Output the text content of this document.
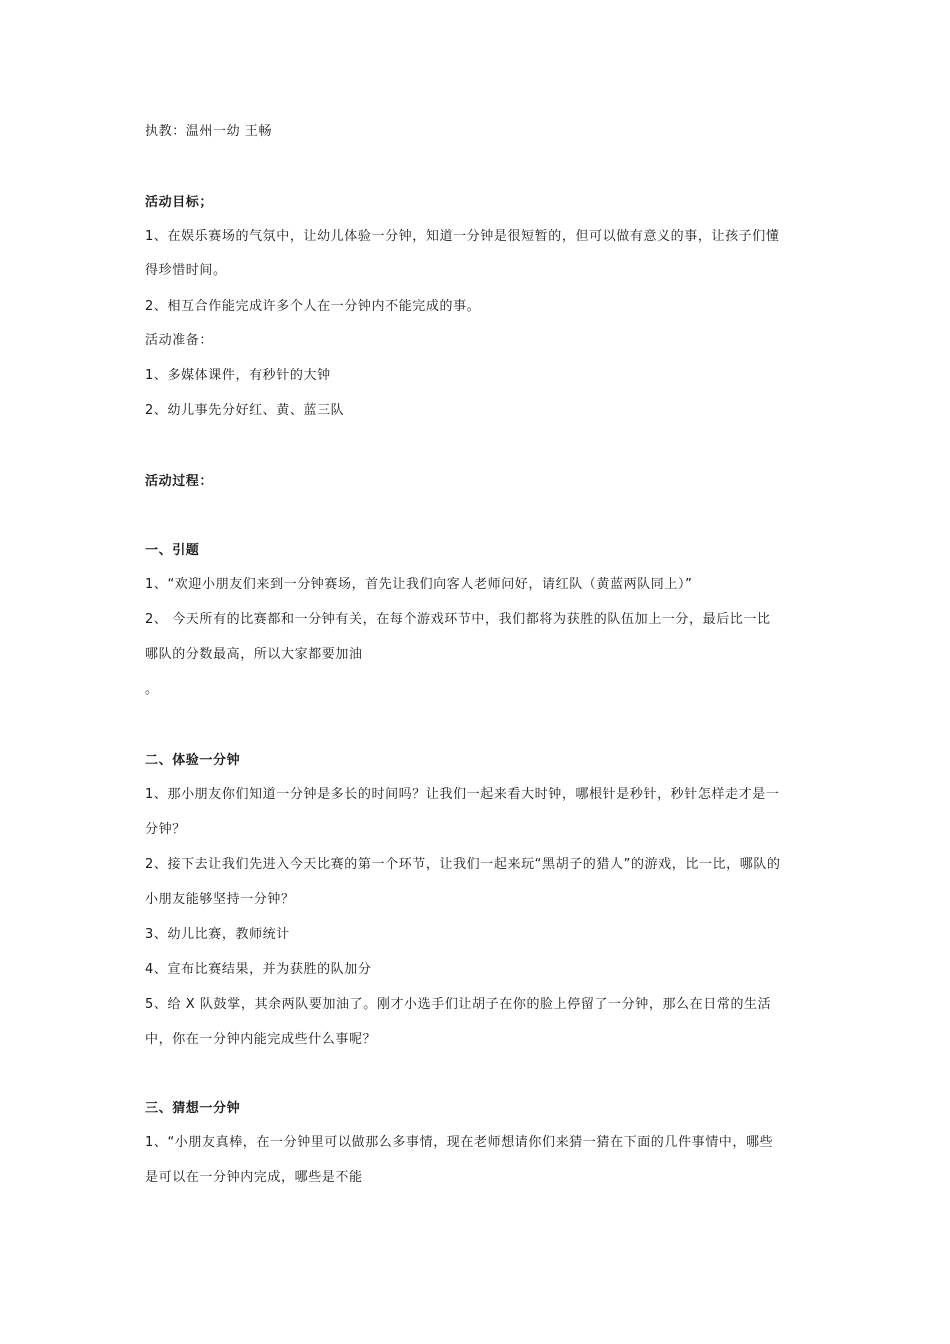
执教：温州一幼 王畅
活动目标；
1、在娱乐赛场的气氛中，让幼儿体验一分钟，知道一分钟是很短暂的，但可以做有意义的事，让孩子们懂
得珍惜时间。
2、相互合作能完成许多个人在一分钟内不能完成的事。
活动准备：
1、多媒体课件，有秒针的大钟
2、幼儿事先分好红、黄、蓝三队
活动过程：
一、引题
1、“欢迎小朋友们来到一分钟赛场，首先让我们向客人老师问好，请红队（黄蓝两队同上）”
2、 今天所有的比赛都和一分钟有关，在每个游戏环节中，我们都将为获胜的队伍加上一分，最后比一比
哪队的分数最高，所以大家都要加油
。
二、体验一分钟
1、那小朋友你们知道一分钟是多长的时间吗？让我们一起来看大时钟，哪根针是秒针，秒针怎样走才是一
分钟？
2、接下去让我们先进入今天比赛的第一个环节，让我们一起来玩“黑胡子的猎人”的游戏，比一比，哪队的
小朋友能够坚持一分钟？
3、幼儿比赛，教师统计
4、宣布比赛结果，并为获胜的队加分
5、给 X 队鼓掌，其余两队要加油了。刚才小选手们让胡子在你的脸上停留了一分钟，那么在日常的生活
中，你在一分钟内能完成些什么事呢？
三、猜想一分钟
1、“小朋友真棒，在一分钟里可以做那么多事情，现在老师想请你们来猜一猜在下面的几件事情中，哪些
是可以在一分钟内完成，哪些是不能
